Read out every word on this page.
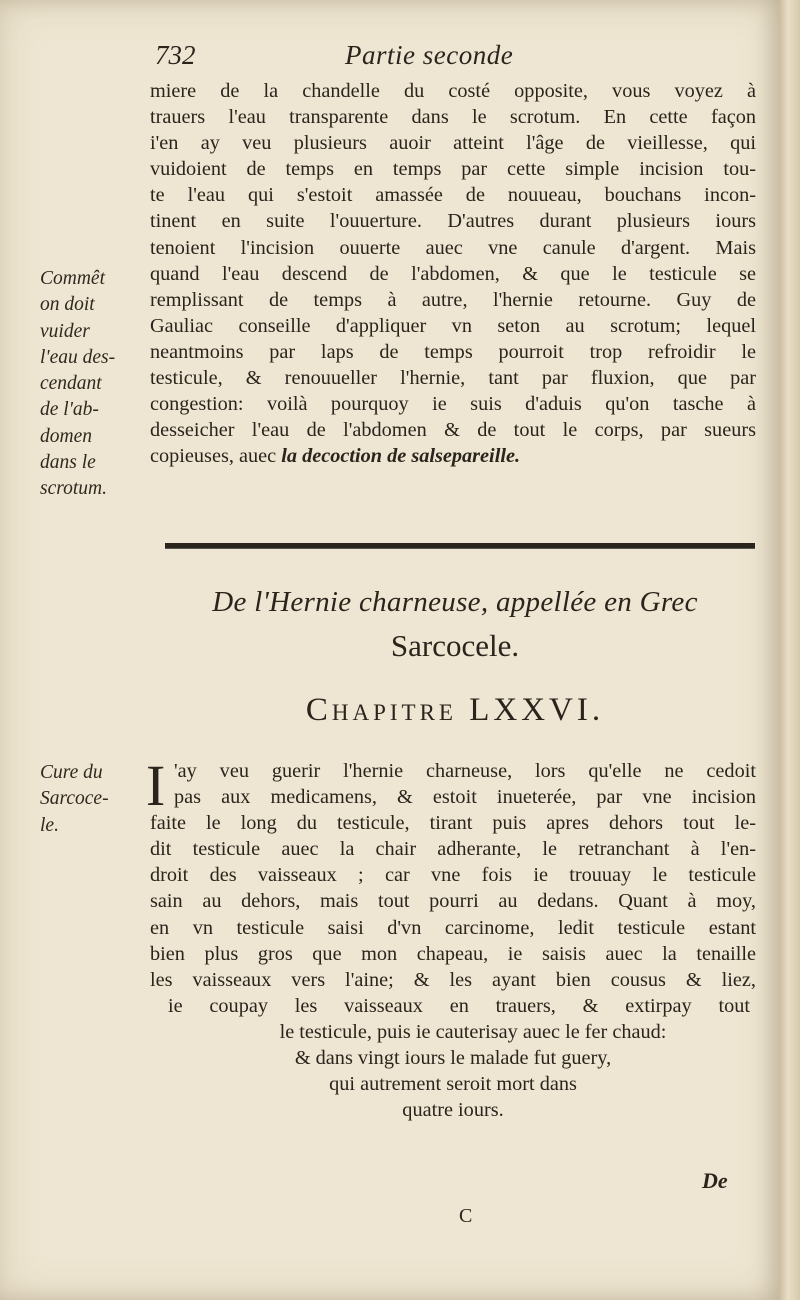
732	Partie seconde
miere de la chandelle du costé opposite, vous voyez à
trauers l'eau transparente dans le scrotum. En cette façon
i'en ay veu plusieurs auoir atteint l'âge de vieillesse, qui
vuidoient de temps en temps par cette simple incision tou-
te l'eau qui s'estoit amassée de nouueau, bouchans incon-
tinent en suite l'ouuerture. D'autres durant plusieurs iours
tenoient l'incision ouuerte auec vne canule d'argent. Mais
quand l'eau descend de l'abdomen, & que le testicule se
remplissant de temps à autre, l'hernie retourne. Guy de
Gauliac conseille d'appliquer vn seton au scrotum; lequel
neantmoins par laps de temps pourroit trop refroidir le
testicule, & renouueller l'hernie, tant par fluxion, que par
congestion: voilà pourquoy ie suis d'aduis qu'on tasche à
desseicher l'eau de l'abdomen & de tout le corps, par sueurs
copieuses, auec la decoction de salsepareille.
Commêt
on doit
vuider
l'eau des-
cendant
de l'ab-
domen
dans le
scrotum.
De l'Hernie charneuse, appellée en Grec
Sarcocele.
Chapitre LXXVI.
Cure du
Sarcoce-
le.
I 'ay veu guerir l'hernie charneuse, lors qu'elle ne cedoit
pas aux medicamens, & estoit inueterée, par vne incision
faite le long du testicule, tirant puis apres dehors tout le-
dit testicule auec la chair adherante, le retranchant à l'en-
droit des vaisseaux ; car vne fois ie trouuay le testicule
sain au dehors, mais tout pourri au dedans. Quant à moy,
en vn testicule saisi d'vn carcinome, ledit testicule estant
bien plus gros que mon chapeau, ie saisis auec la tenaille
les vaisseaux vers l'aine; & les ayant bien cousus & liez,
ie coupay les vaisseaux en trauers, & extirpay tout
le testicule, puis ie cauterisay auec le fer chaud:
& dans vingt iours le malade fut guery,
qui autrement seroit mort dans
quatre iours.
De
C
